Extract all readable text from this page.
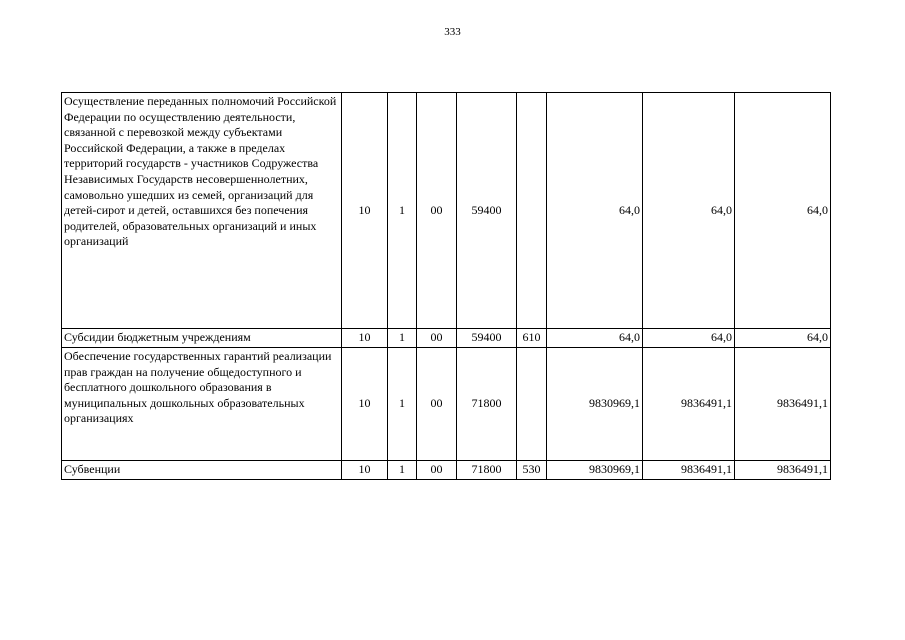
333
Осуществление переданных полномочий Российской Федерации по осуществлению деятельности, связанной с перевозкой между субъектами Российской Федерации, а также в пределах территорий государств - участников Содружества Независимых Государств несовершеннолетних, самовольно ушедших из семей, организаций для детей-сирот и детей, оставшихся без попечения родителей, образовательных организаций и иных организаций	10	1	00	59400		64,0	64,0	64,0
Субсидии бюджетным учреждениям	10	1	00	59400	610	64,0	64,0	64,0
Обеспечение государственных гарантий реализации прав граждан на получение общедоступного и бесплатного дошкольного образования в муниципальных дошкольных образовательных организациях	10	1	00	71800		9830969,1	9836491,1	9836491,1
Субвенции	10	1	00	71800	530	9830969,1	9836491,1	9836491,1
